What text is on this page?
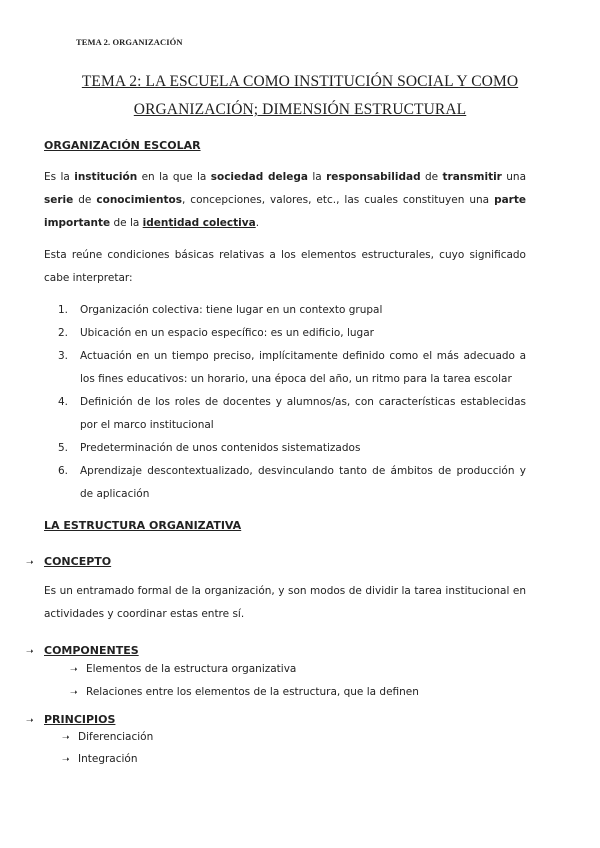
TEMA 2. ORGANIZACIÓN
TEMA 2: LA ESCUELA COMO INSTITUCIÓN SOCIAL Y COMO
ORGANIZACIÓN; DIMENSIÓN ESTRUCTURAL
ORGANIZACIÓN ESCOLAR
Es la institución en la que la sociedad delega la responsabilidad de transmitir una serie de conocimientos, concepciones, valores, etc., las cuales constituyen una parte importante de la identidad colectiva.
Esta reúne condiciones básicas relativas a los elementos estructurales, cuyo significado cabe interpretar:
1. Organización colectiva: tiene lugar en un contexto grupal
2. Ubicación en un espacio específico: es un edificio, lugar
3. Actuación en un tiempo preciso, implícitamente definido como el más adecuado a los fines educativos: un horario, una época del año, un ritmo para la tarea escolar
4. Definición de los roles de docentes y alumnos/as, con características establecidas por el marco institucional
5. Predeterminación de unos contenidos sistematizados
6. Aprendizaje descontextualizado, desvinculando tanto de ámbitos de producción y de aplicación
LA ESTRUCTURA ORGANIZATIVA
➝ CONCEPTO
Es un entramado formal de la organización, y son modos de dividir la tarea institucional en actividades y coordinar estas entre sí.
➝ COMPONENTES
➝ Elementos de la estructura organizativa
➝ Relaciones entre los elementos de la estructura, que la definen
➝ PRINCIPIOS
➝ Diferenciación
➝ Integración
